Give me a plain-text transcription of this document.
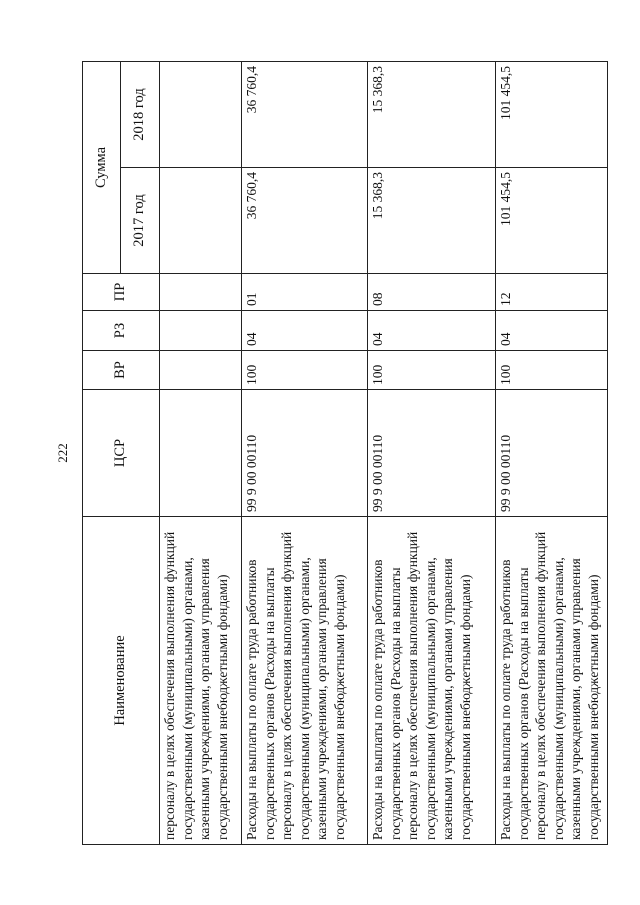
222
Наименование	ЦСР	ВР	РЗ	ПР	Сумма	
					2017 год	2018 год
персоналу в целях обеспечения выполнения функций государственными (муниципальными) органами, казенными учреждениями, органами управления государственными внебюджетными фондами)						
Расходы на выплаты по оплате труда работников государственных органов (Расходы на выплаты персоналу в целях обеспечения выполнения функций государственными (муниципальными) органами, казенными учреждениями, органами управления государственными внебюджетными фондами)	99 9 00 00110	100	04	01	36 760,4	36 760,4
Расходы на выплаты по оплате труда работников государственных органов (Расходы на выплаты персоналу в целях обеспечения выполнения функций государственными (муниципальными) органами, казенными учреждениями, органами управления государственными внебюджетными фондами)	99 9 00 00110	100	04	08	15 368,3	15 368,3
Расходы на выплаты по оплате труда работников государственных органов (Расходы на выплаты персоналу в целях обеспечения выполнения функций государственными (муниципальными) органами, казенными учреждениями, органами управления государственными внебюджетными фондами)	99 9 00 00110	100	04	12	101 454,5	101 454,5
